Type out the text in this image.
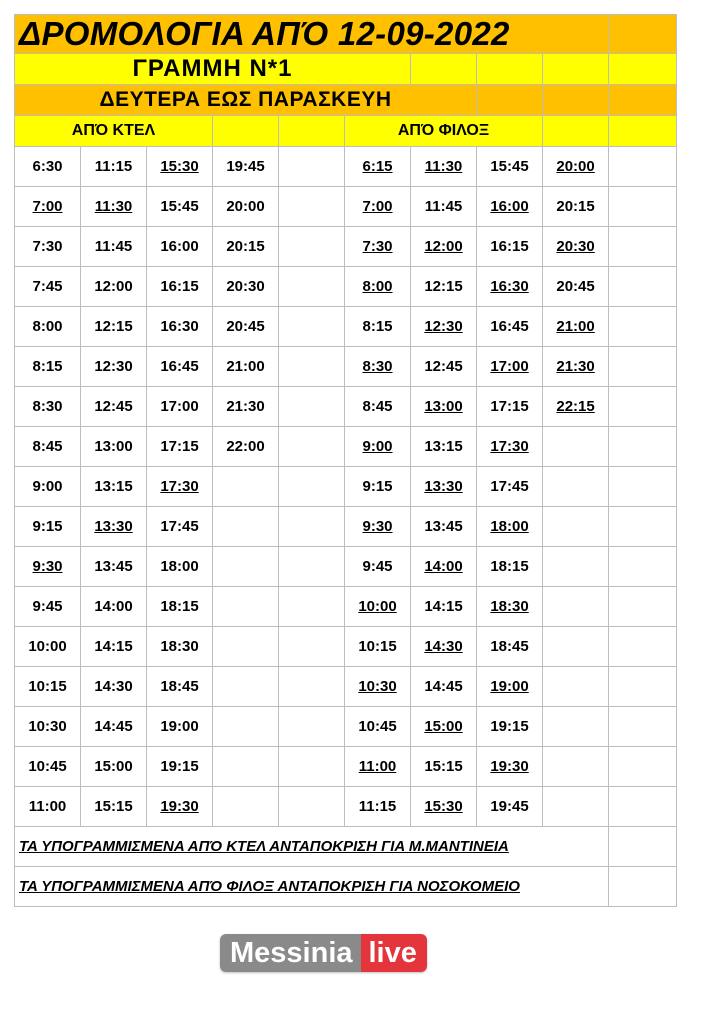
ΔΡΟΜΟΛΟΓΙΑ ΑΠΌ 12-09-2022									

ΓΡΑΜΜΗ Ν*1									
ΔΕΥΤΕΡΑ ΕΩΣ ΠΑΡΑΣΚΕΥΗ									
ΑΠΌ ΚΤΕΛ					ΑΠΌ ΦΙΛΟΞ				
6:30	11:15	15:30	19:45		6:15	11:30	15:45	20:00	
7:00	11:30	15:45	20:00		7:00	11:45	16:00	20:15	
7:30	11:45	16:00	20:15		7:30	12:00	16:15	20:30	
7:45	12:00	16:15	20:30		8:00	12:15	16:30	20:45	
8:00	12:15	16:30	20:45		8:15	12:30	16:45	21:00	
8:15	12:30	16:45	21:00		8:30	12:45	17:00	21:30	
8:30	12:45	17:00	21:30		8:45	13:00	17:15	22:15	
8:45	13:00	17:15	22:00		9:00	13:15	17:30		
9:00	13:15	17:30			9:15	13:30	17:45		
9:15	13:30	17:45			9:30	13:45	18:00		
9:30	13:45	18:00			9:45	14:00	18:15		
9:45	14:00	18:15			10:00	14:15	18:30		
10:00	14:15	18:30			10:15	14:30	18:45		
10:15	14:30	18:45			10:30	14:45	19:00		
10:30	14:45	19:00			10:45	15:00	19:15		
10:45	15:00	19:15			11:00	15:15	19:30		
11:00	15:15	19:30			11:15	15:30	19:45		

ΤΑ ΥΠΟΓΡΑΜΜΙΣΜΕΝΑ ΑΠΌ ΚΤΕΛ ΑΝΤΑΠΟΚΡΙΣΗ ΓΙΑ Μ.ΜΑΝΤΙΝΕΙΑ									

ΤΑ ΥΠΟΓΡΑΜΜΙΣΜΕΝΑ ΑΠΌ ΦΙΛΟΞ ΑΝΤΑΠΟΚΡΙΣΗ ΓΙΑ ΝΟΣΟΚΟΜΕΙΟ									

Messinia live
